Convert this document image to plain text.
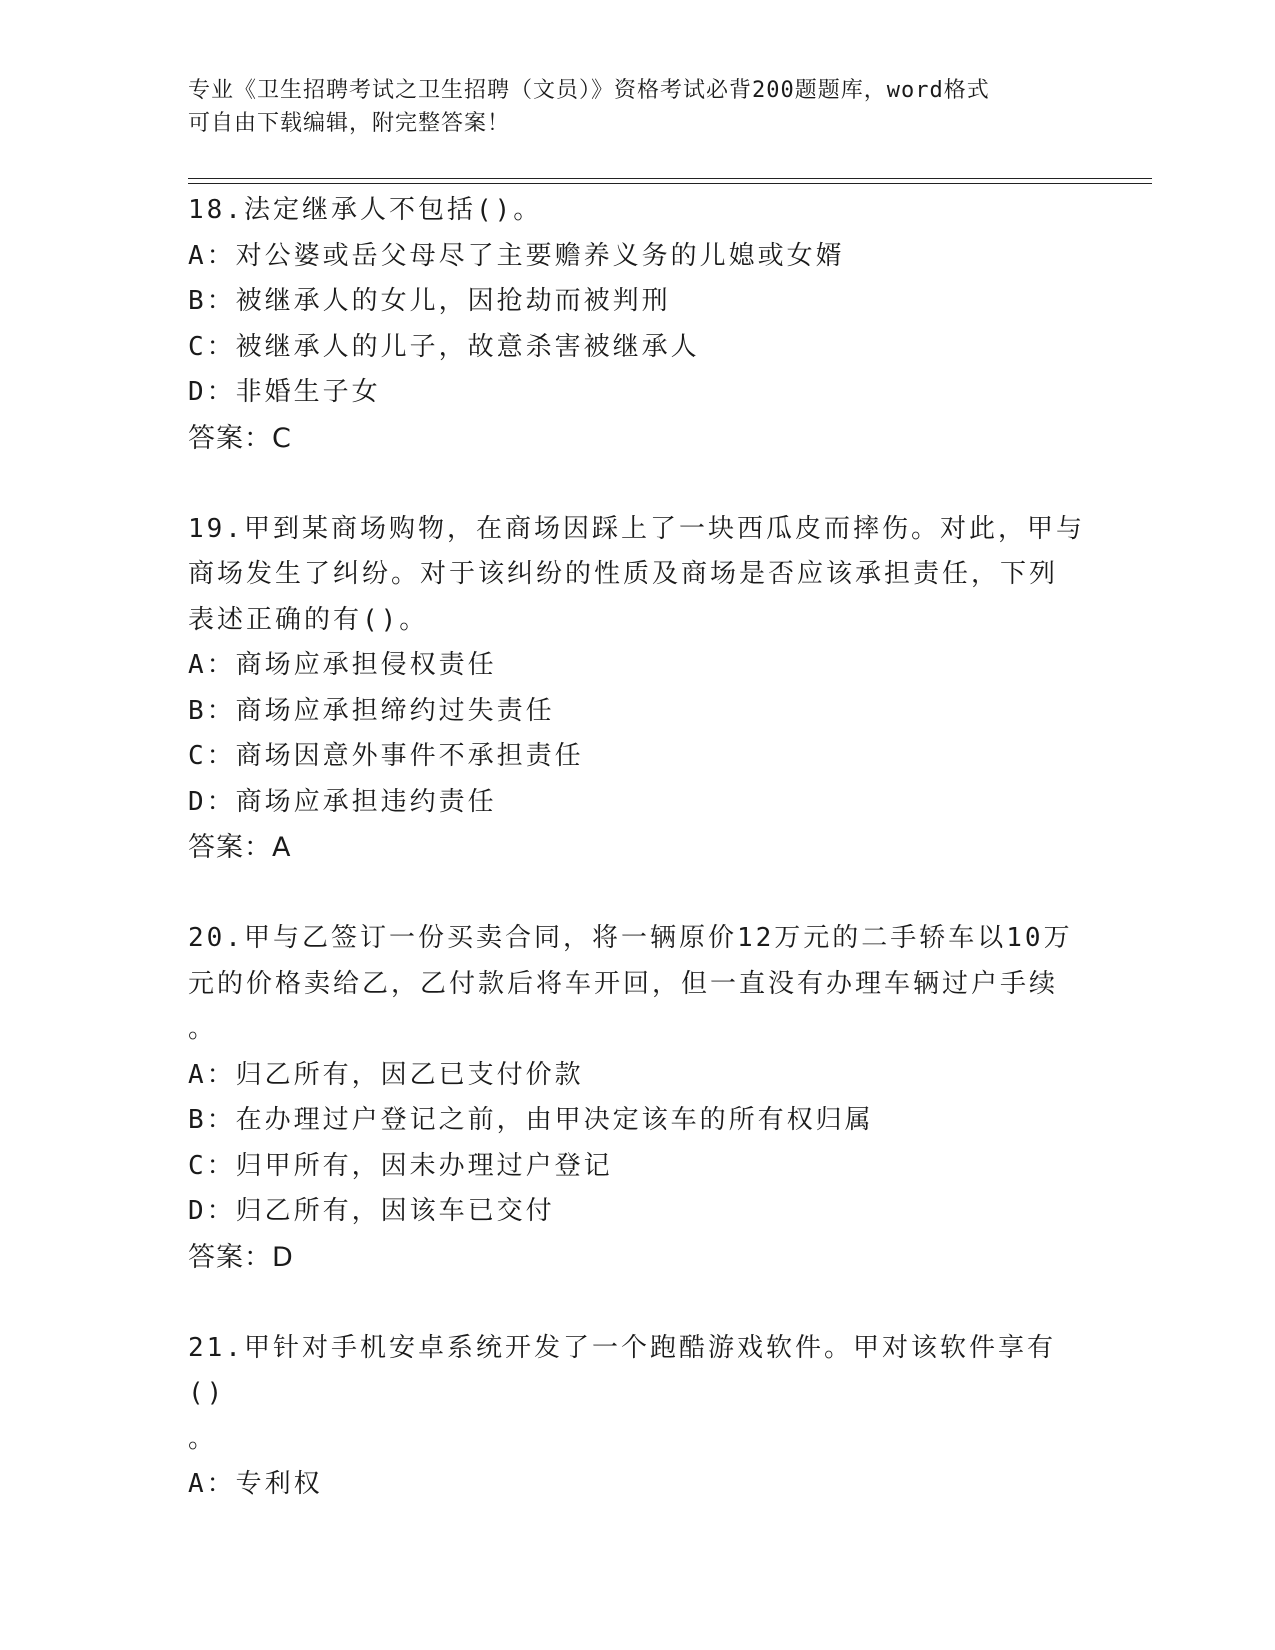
专业《卫生招聘考试之卫生招聘（文员）》资格考试必背200题题库，word格式
可自由下载编辑，附完整答案！

18.法定继承人不包括()。

A：对公婆或岳父母尽了主要赡养义务的儿媳或女婿

B：被继承人的女儿，因抢劫而被判刑

C：被继承人的儿子，故意杀害被继承人

D：非婚生子女

答案：C

19.甲到某商场购物，在商场因踩上了一块西瓜皮而摔伤。对此，甲与
商场发生了纠纷。对于该纠纷的性质及商场是否应该承担责任，下列
表述正确的有()。

A：商场应承担侵权责任

B：商场应承担缔约过失责任

C：商场因意外事件不承担责任

D：商场应承担违约责任

答案：A

20.甲与乙签订一份买卖合同，将一辆原价12万元的二手轿车以10万
元的价格卖给乙，乙付款后将车开回，但一直没有办理车辆过户手续
。

A：归乙所有，因乙已支付价款

B：在办理过户登记之前，由甲决定该车的所有权归属

C：归甲所有，因未办理过户登记

D：归乙所有，因该车已交付

答案：D

21.甲针对手机安卓系统开发了一个跑酷游戏软件。甲对该软件享有()
。

A：专利权
